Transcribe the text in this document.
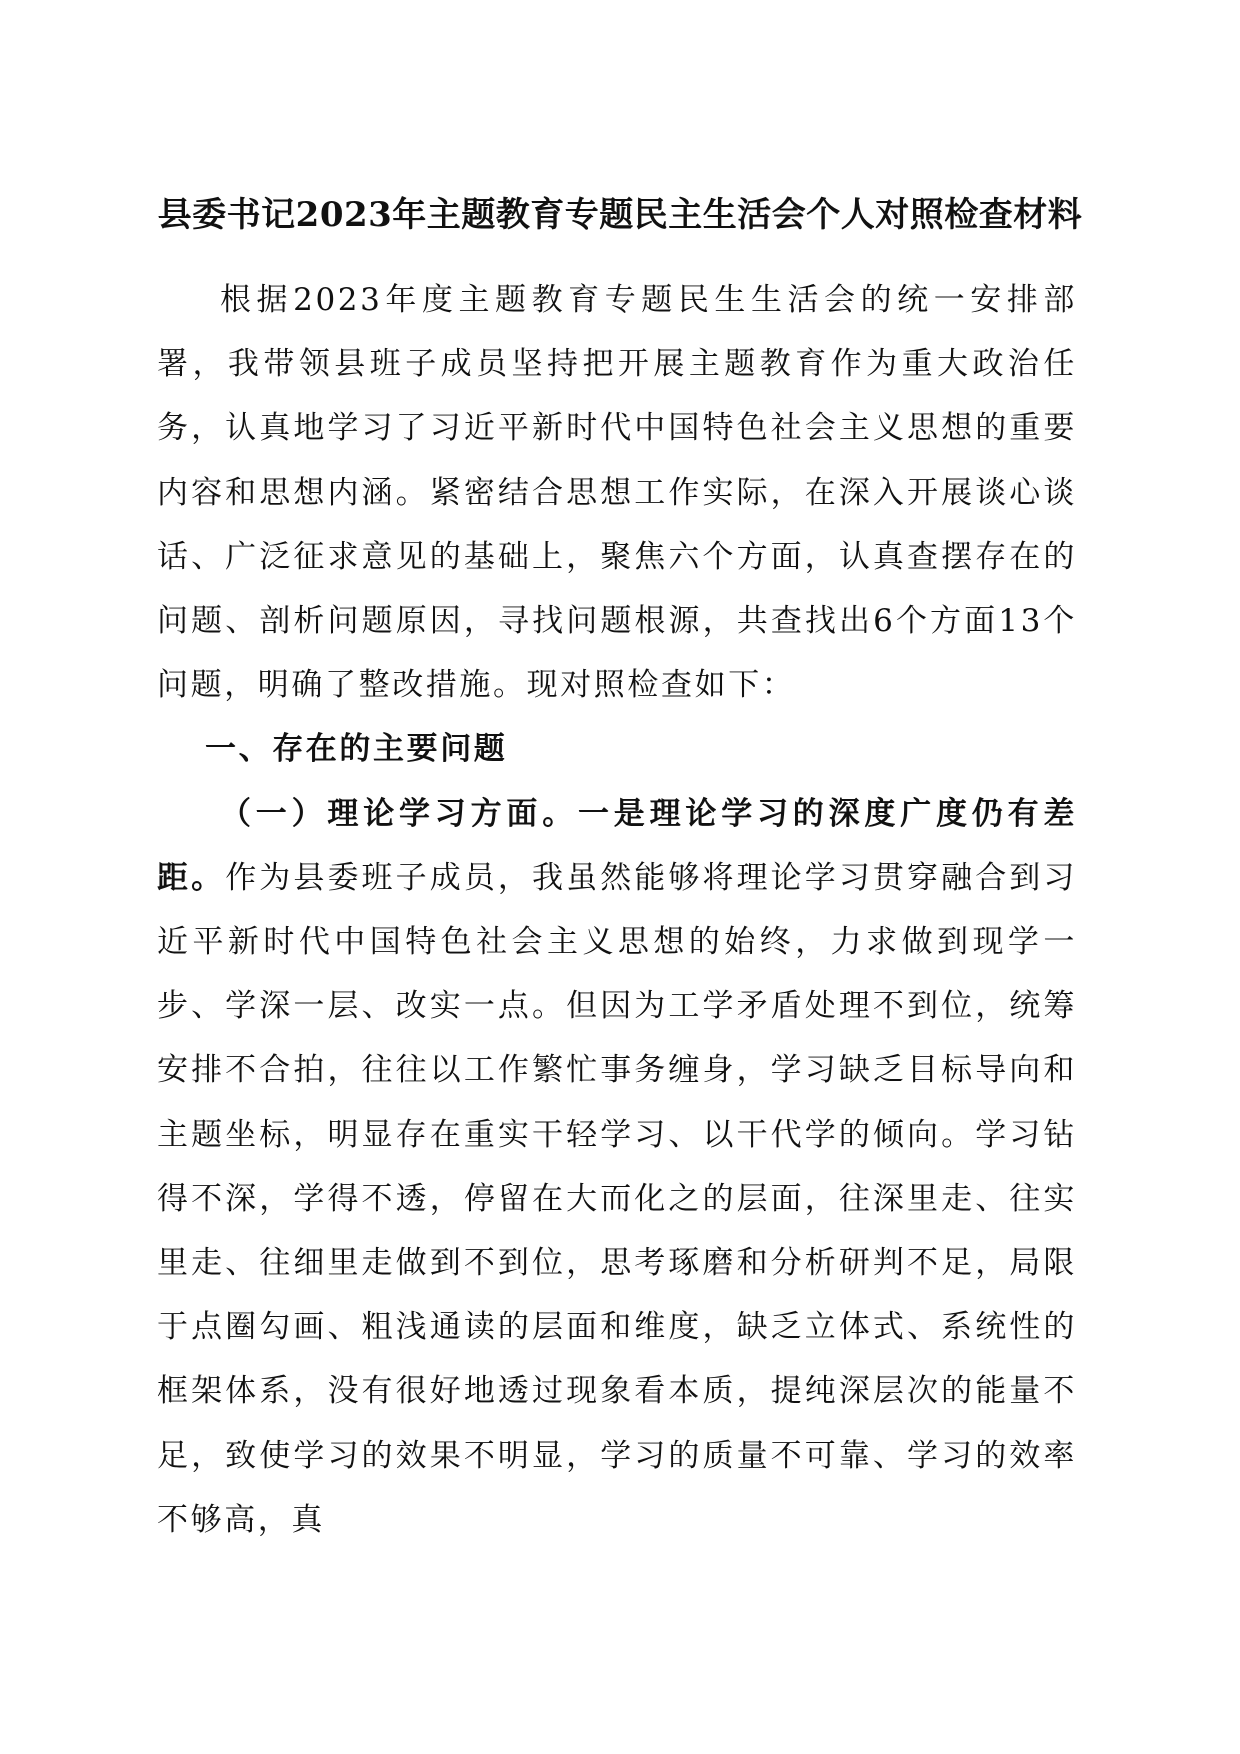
县委书记2023年主题教育专题民主生活会个人对照检查材料

根据2023年度主题教育专题民生生活会的统一安排部署，我带领县班子成员坚持把开展主题教育作为重大政治任务，认真地学习了习近平新时代中国特色社会主义思想的重要内容和思想内涵。紧密结合思想工作实际，在深入开展谈心谈话、广泛征求意见的基础上，聚焦六个方面，认真查摆存在的问题、剖析问题原因，寻找问题根源，共查找出6个方面13个问题，明确了整改措施。现对照检查如下：

一、存在的主要问题

（一）理论学习方面。一是理论学习的深度广度仍有差距。作为县委班子成员，我虽然能够将理论学习贯穿融合到习近平新时代中国特色社会主义思想的始终，力求做到现学一步、学深一层、改实一点。但因为工学矛盾处理不到位，统筹安排不合拍，往往以工作繁忙事务缠身，学习缺乏目标导向和主题坐标，明显存在重实干轻学习、以干代学的倾向。学习钻得不深，学得不透，停留在大而化之的层面，往深里走、往实里走、往细里走做到不到位，思考琢磨和分析研判不足，局限于点圈勾画、粗浅通读的层面和维度，缺乏立体式、系统性的框架体系，没有很好地透过现象看本质，提纯深层次的能量不足，致使学习的效果不明显，学习的质量不可靠、学习的效率不够高，真
